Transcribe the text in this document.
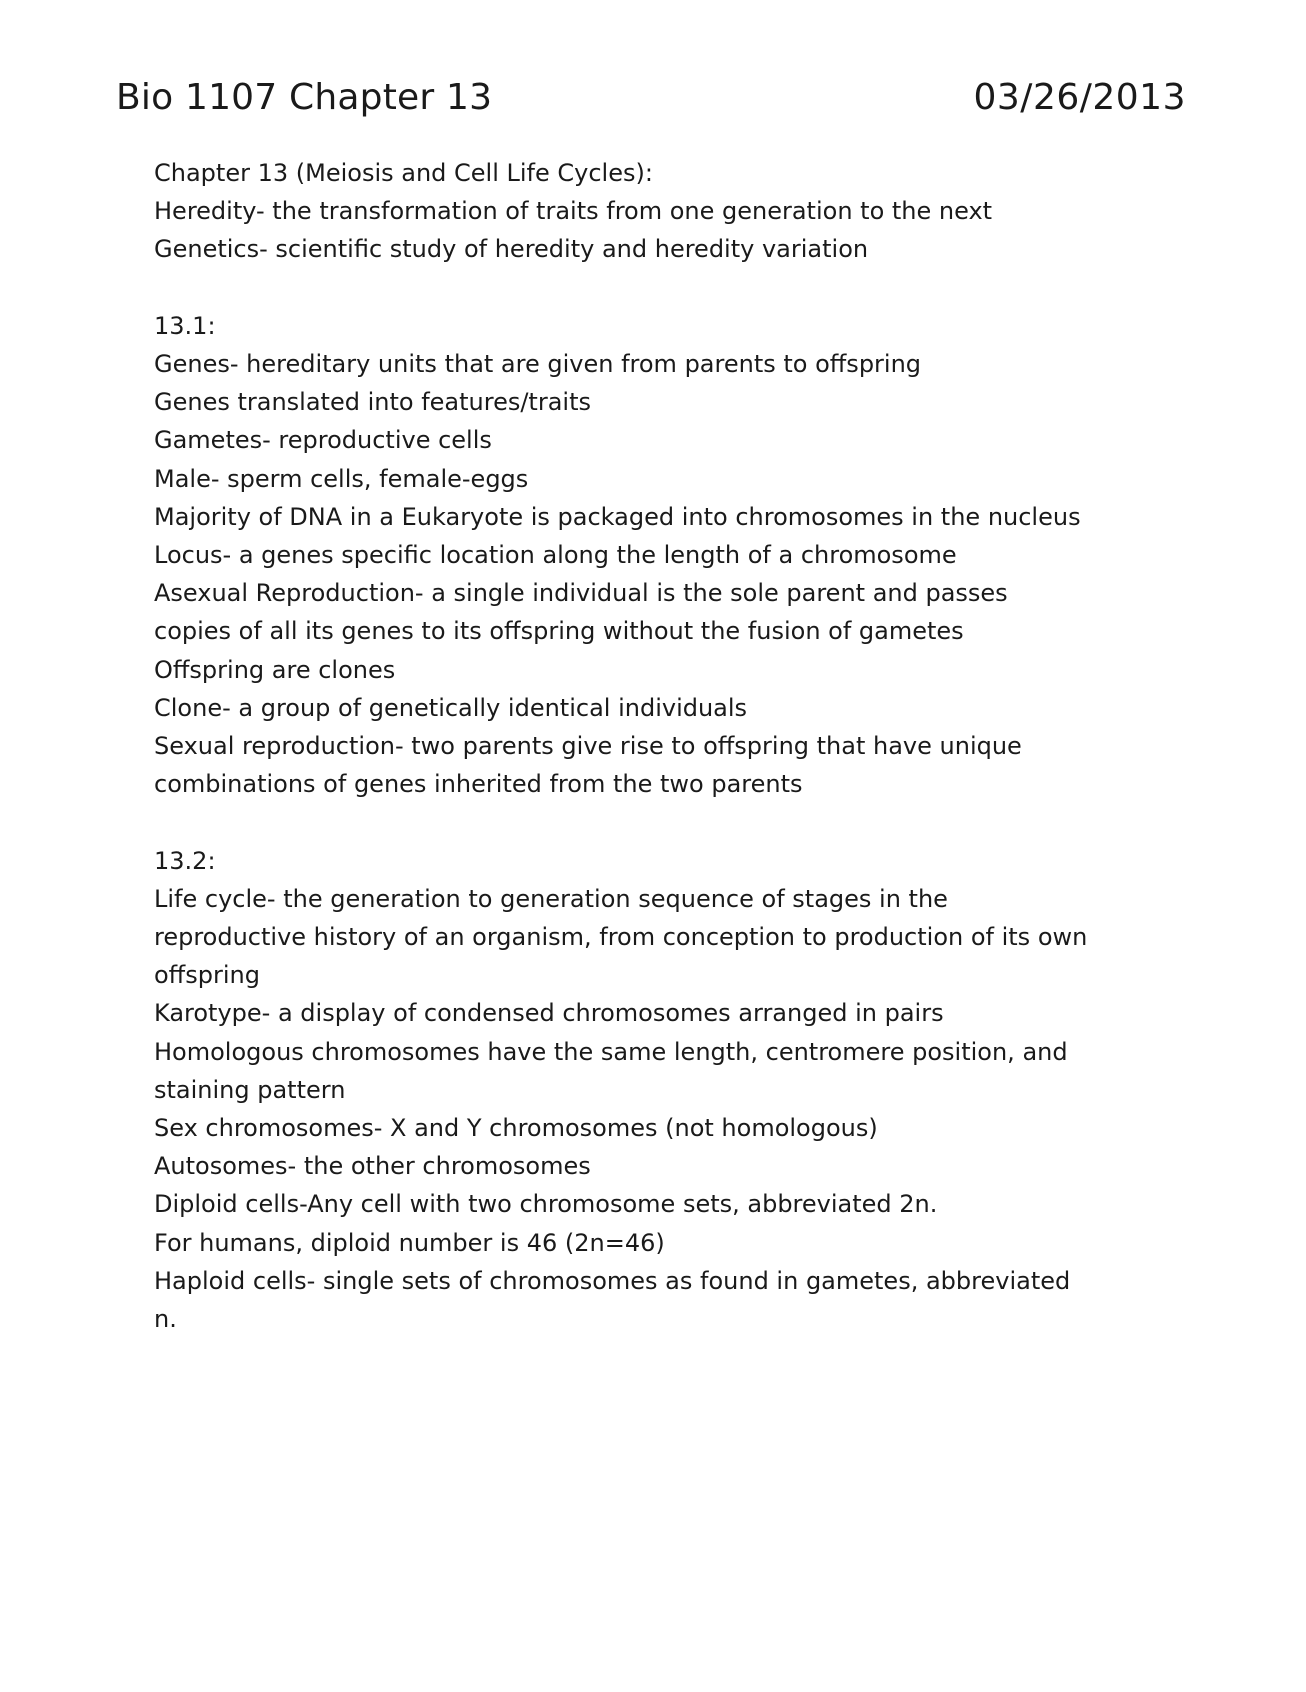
Bio 1107 Chapter 13	03/26/2013
Chapter 13 (Meiosis and Cell Life Cycles):
Heredity- the transformation of traits from one generation to the next
Genetics- scientific study of heredity and heredity variation
13.1:
Genes- hereditary units that are given from parents to offspring
Genes translated into features/traits
Gametes- reproductive cells
Male- sperm cells, female-eggs
Majority of DNA in a Eukaryote is packaged into chromosomes in the nucleus
Locus- a genes specific location along the length of a chromosome
Asexual Reproduction- a single individual is the sole parent and passes
copies of all its genes to its offspring without the fusion of gametes
Offspring are clones
Clone- a group of genetically identical individuals
Sexual reproduction- two parents give rise to offspring that have unique
combinations of genes inherited from the two parents
13.2:
Life cycle- the generation to generation sequence of stages in the
reproductive history of an organism, from conception to production of its own
offspring
Karotype- a display of condensed chromosomes arranged in pairs
Homologous chromosomes have the same length, centromere position, and
staining pattern
Sex chromosomes- X and Y chromosomes (not homologous)
Autosomes- the other chromosomes
Diploid cells-Any cell with two chromosome sets, abbreviated 2n.
For humans, diploid number is 46 (2n=46)
Haploid cells- single sets of chromosomes as found in gametes, abbreviated
n.
